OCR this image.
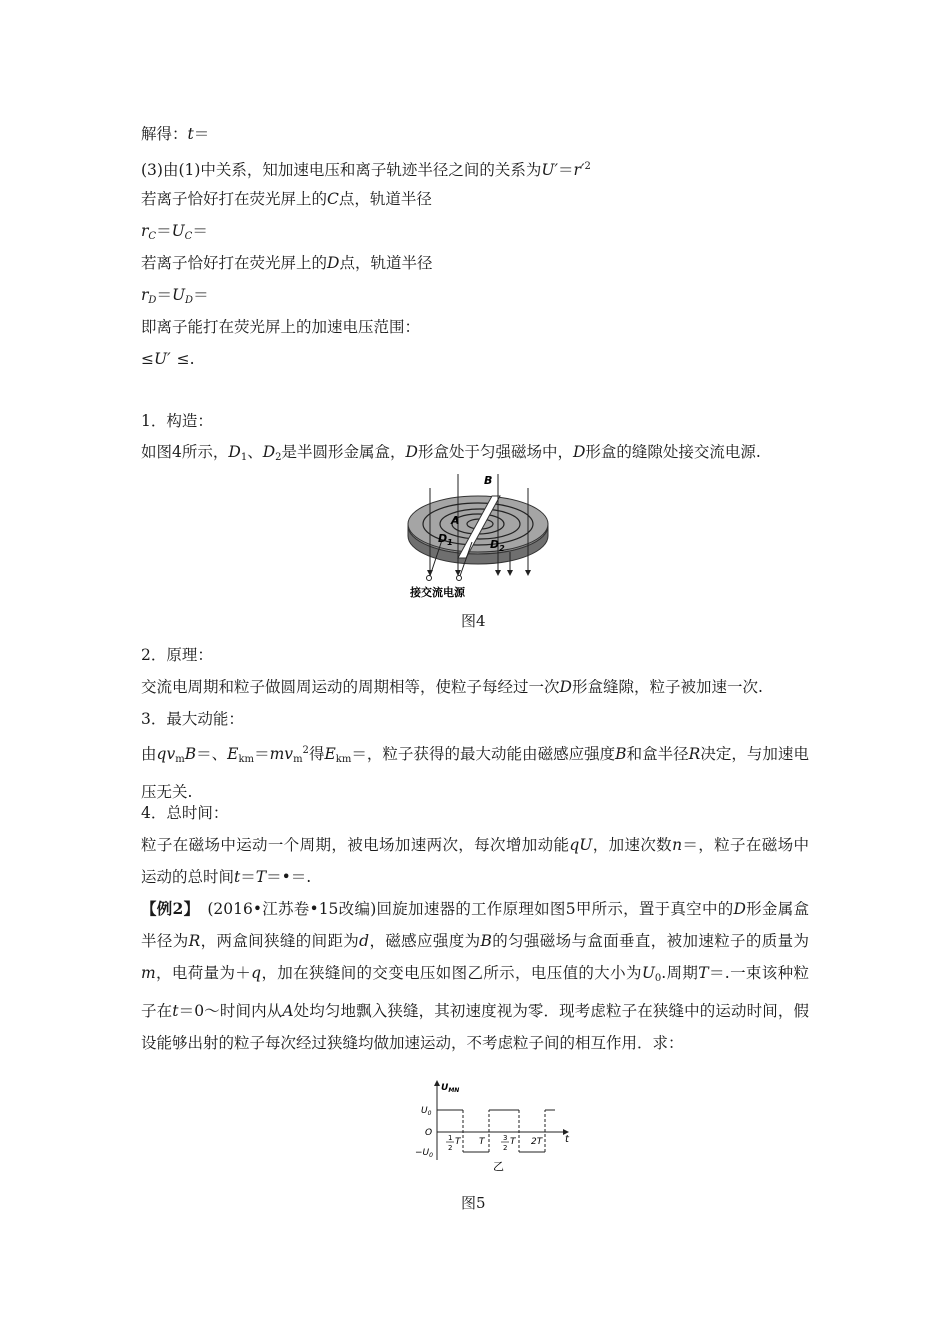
解得：t＝
(3)由(1)中关系，知加速电压和离子轨迹半径之间的关系为$U'=r'^2$
若离子恰好打在荧光屏上的C点，轨道半径
$r_C=U_C=$
若离子恰好打在荧光屏上的D点，轨道半径
$r_D=U_D=$
即离子能打在荧光屏上的加速电压范围：
≤U′ ≤.
1．构造：
如图4所示，$D_1$、$D_2$是半圆形金属盒，D形盒处于匀强磁场中，D形盒的缝隙处接交流电源.
B
A
$D_1$	$D_2$
接交流电源
图4
2．原理：
交流电周期和粒子做圆周运动的周期相等，使粒子每经过一次D形盒缝隙，粒子被加速一次.
3．最大动能：
由$qv_mB=$、$E_{km}=mv_m^2$得$E_{km}=$，粒子获得的最大动能由磁感应强度B和盒半径R决定，与加速电压无关.
4．总时间：
粒子在磁场中运动一个周期，被电场加速两次，每次增加动能qU，加速次数n＝，粒子在磁场中运动的总时间t＝T＝•＝.
【例2】　(2016•江苏卷•15改编)回旋加速器的工作原理如图5甲所示，置于真空中的D形金属盒半径为R，两盒间狭缝的间距为d，磁感应强度为B的匀强磁场与盒面垂直，被加速粒子的质量为m，电荷量为＋q，加在狭缝间的交变电压如图乙所示，电压值的大小为$U_0$.周期T＝.一束该种粒子在t＝0～时间内从A处均匀地飘入狭缝，其初速度视为零．现考虑粒子在狭缝中的运动时间，假设能够出射的粒子每次经过狭缝均做加速运动，不考虑粒子间的相互作用．求：
$U_{MN}$
$U_0$
O
$-U_0$
1
2
T T	3
2
T 2T t
乙
图5
